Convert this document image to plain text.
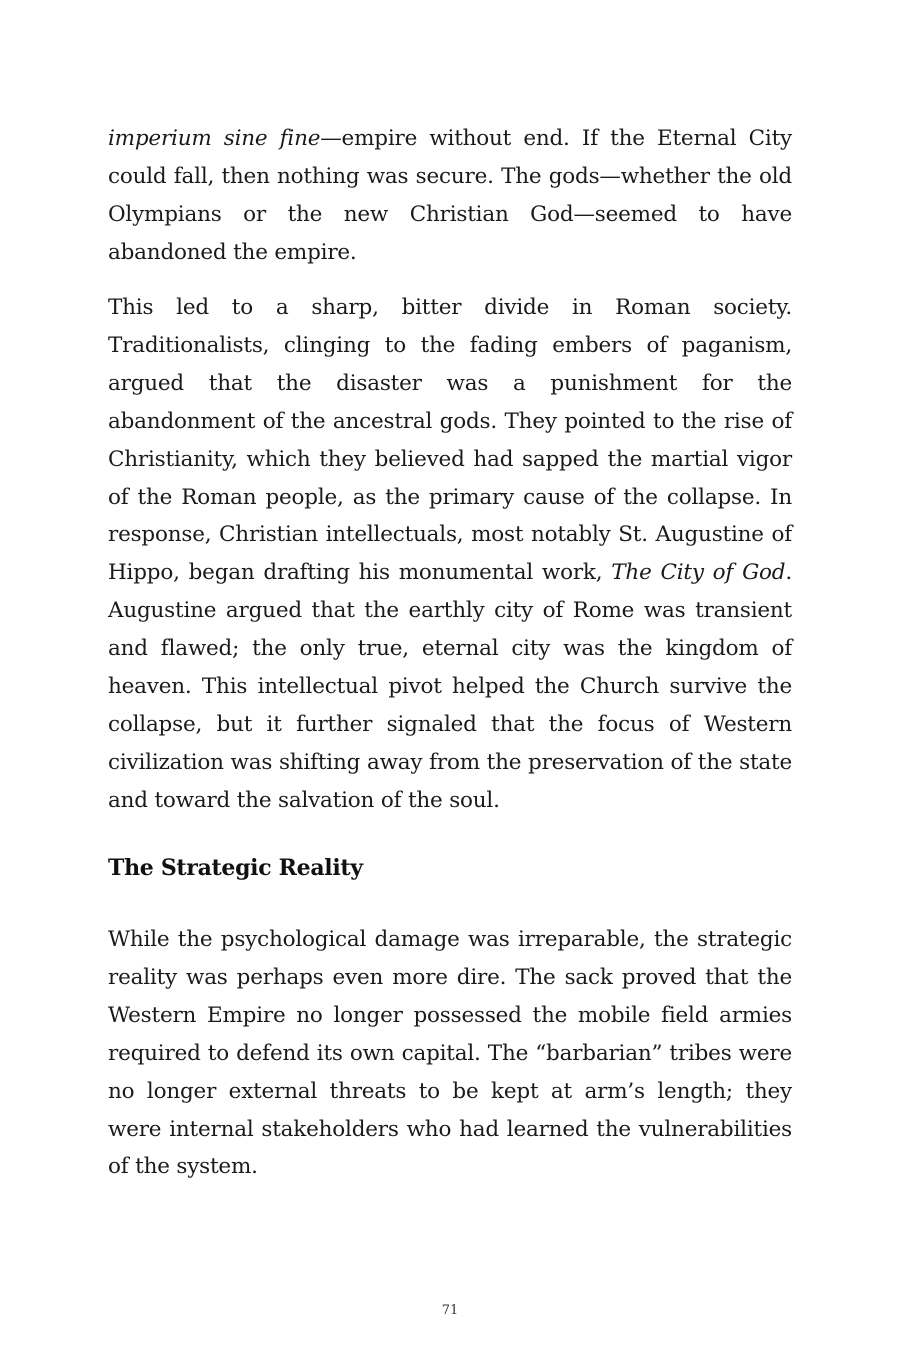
imperium sine fine—empire without end. If the Eternal City could fall, then nothing was secure. The gods—whether the old Olympians or the new Christian God—seemed to have abandoned the empire.

This led to a sharp, bitter divide in Roman society. Traditionalists, clinging to the fading embers of paganism, argued that the disaster was a punishment for the abandonment of the ancestral gods. They pointed to the rise of Christianity, which they believed had sapped the martial vigor of the Roman people, as the primary cause of the collapse. In response, Christian intellectuals, most notably St. Augustine of Hippo, began drafting his monumental work, The City of God. Augustine argued that the earthly city of Rome was transient and flawed; the only true, eternal city was the kingdom of heaven. This intellectual pivot helped the Church survive the collapse, but it further signaled that the focus of Western civilization was shifting away from the preservation of the state and toward the salvation of the soul.

The Strategic Reality

While the psychological damage was irreparable, the strategic reality was perhaps even more dire. The sack proved that the Western Empire no longer possessed the mobile field armies required to defend its own capital. The “barbarian” tribes were no longer external threats to be kept at arm’s length; they were internal stakeholders who had learned the vulnerabilities of the system.

71
